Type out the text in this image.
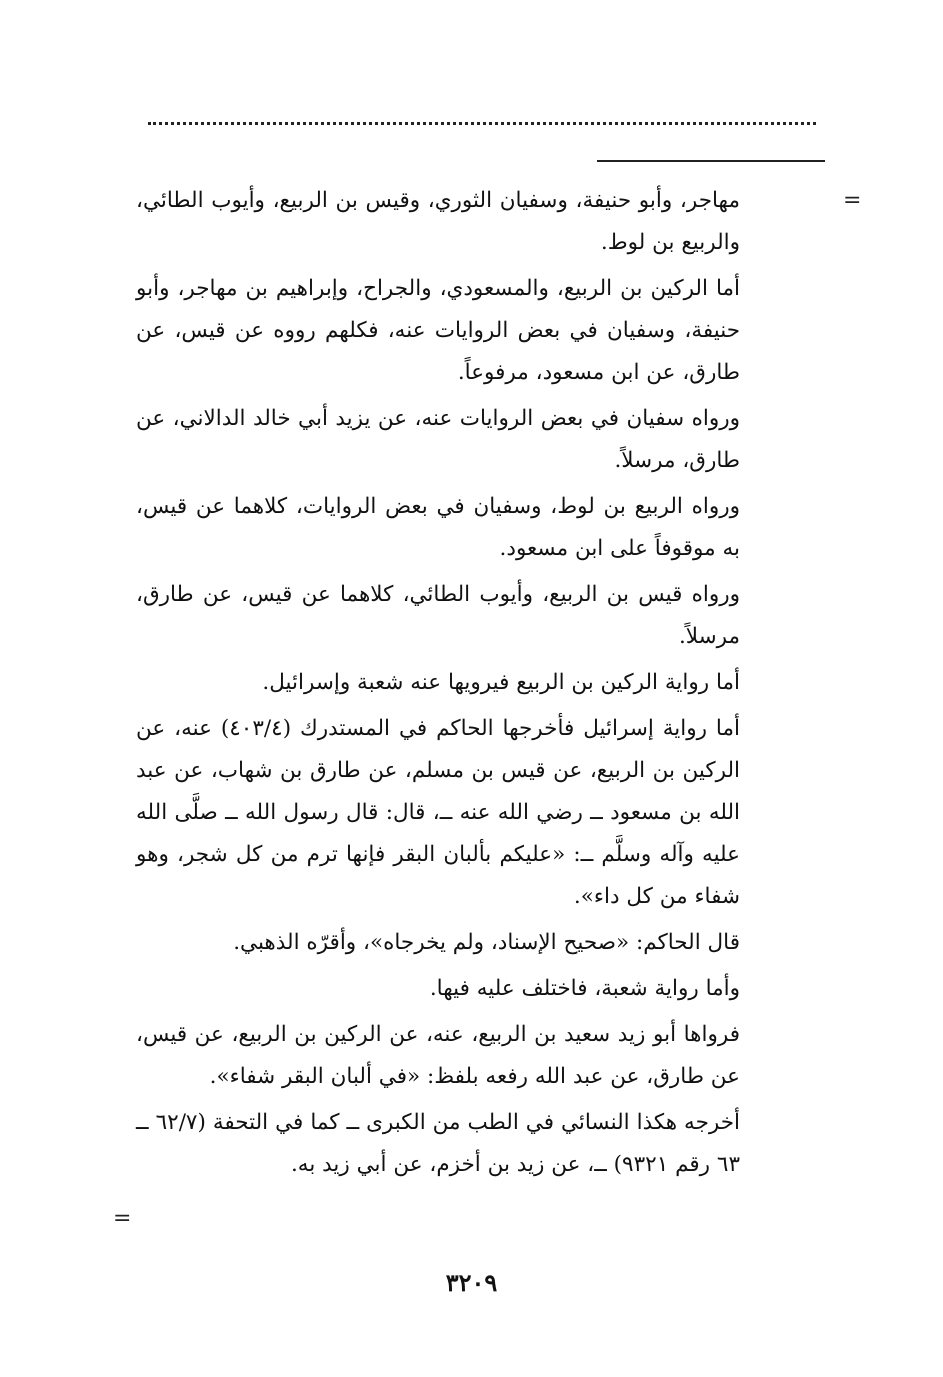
=

مهاجر، وأبو حنيفة، وسفيان الثوري، وقيس بن الربيع، وأيوب الطائي، والربيع بن لوط.

أما الركين بن الربيع، والمسعودي، والجراح، وإبراهيم بن مهاجر، وأبو حنيفة، وسفيان في بعض الروايات عنه، فكلهم رووه عن قيس، عن طارق، عن ابن مسعود، مرفوعاً.

ورواه سفيان في بعض الروايات عنه، عن يزيد أبي خالد الدالاني، عن طارق، مرسلاً.

ورواه الربيع بن لوط، وسفيان في بعض الروايات، كلاهما عن قيس، به موقوفاً على ابن مسعود.

ورواه قيس بن الربيع، وأيوب الطائي، كلاهما عن قيس، عن طارق، مرسلاً.

أما رواية الركين بن الربيع فيرويها عنه شعبة وإسرائيل.

أما رواية إسرائيل فأخرجها الحاكم في المستدرك (٤٠٣/٤) عنه، عن الركين بن الربيع، عن قيس بن مسلم، عن طارق بن شهاب، عن عبد الله بن مسعود ــ رضي الله عنه ــ، قال: قال رسول الله ــ صلَّى الله عليه وآله وسلَّم ــ: «عليكم بألبان البقر فإنها ترم من كل شجر، وهو شفاء من كل داء».

قال الحاكم: «صحيح الإسناد، ولم يخرجاه»، وأقرّه الذهبي.

وأما رواية شعبة، فاختلف عليه فيها.

فرواها أبو زيد سعيد بن الربيع، عنه، عن الركين بن الربيع، عن قيس، عن طارق، عن عبد الله رفعه بلفظ: «في ألبان البقر شفاء».

أخرجه هكذا النسائي في الطب من الكبرى ــ كما في التحفة (٦٢/٧ ــ ٦٣ رقم ٩٣٢١) ــ، عن زيد بن أخزم، عن أبي زيد به.

=
٣٢٠٩
